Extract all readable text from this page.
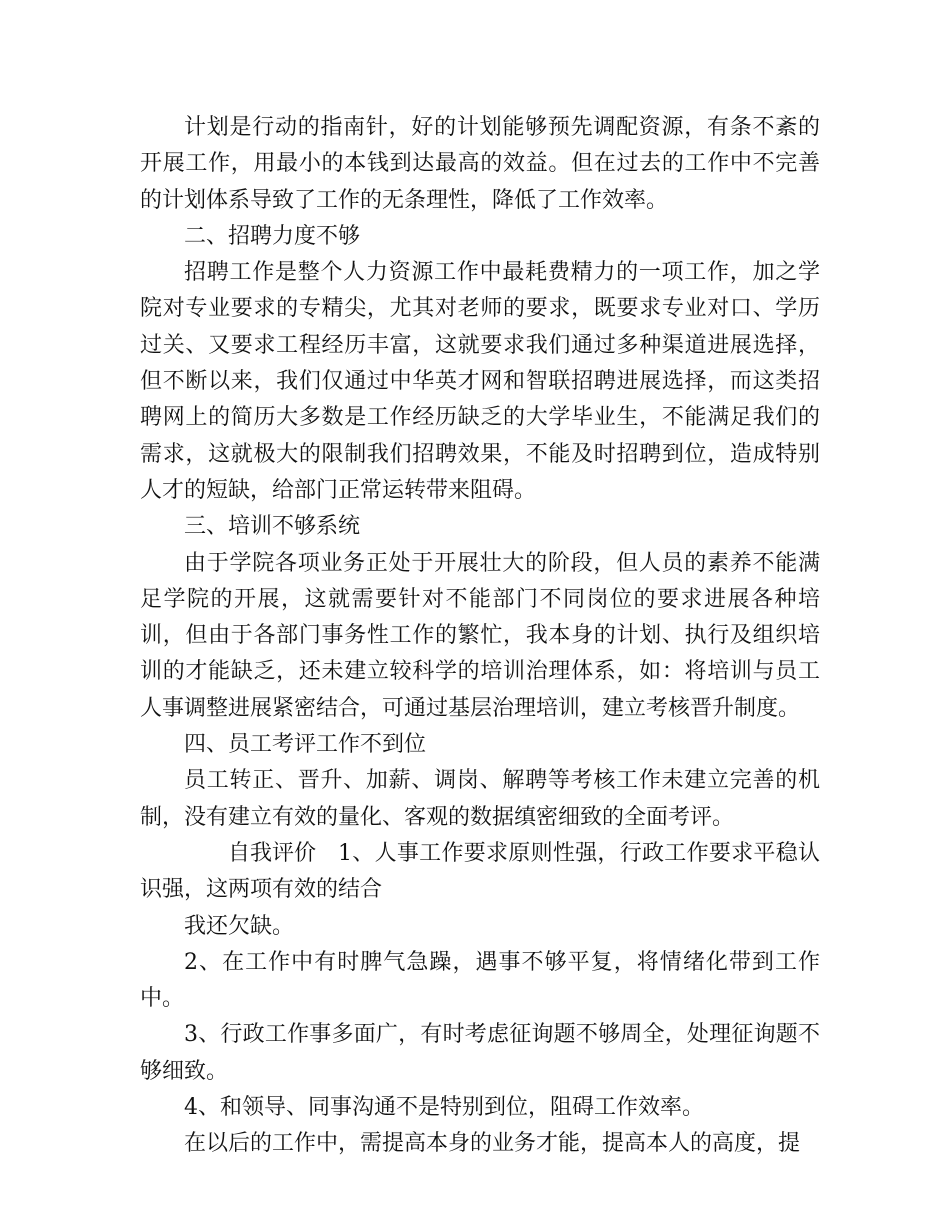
计划是行动的指南针，好的计划能够预先调配资源，有条不紊的开展工作，用最小的本钱到达最高的效益。但在过去的工作中不完善的计划体系导致了工作的无条理性，降低了工作效率。

二、招聘力度不够

招聘工作是整个人力资源工作中最耗费精力的一项工作，加之学院对专业要求的专精尖，尤其对老师的要求，既要求专业对口、学历过关、又要求工程经历丰富，这就要求我们通过多种渠道进展选择，但不断以来，我们仅通过中华英才网和智联招聘进展选择，而这类招聘网上的简历大多数是工作经历缺乏的大学毕业生，不能满足我们的需求，这就极大的限制我们招聘效果，不能及时招聘到位，造成特别人才的短缺，给部门正常运转带来阻碍。

三、培训不够系统

由于学院各项业务正处于开展壮大的阶段，但人员的素养不能满足学院的开展，这就需要针对不能部门不同岗位的要求进展各种培训，但由于各部门事务性工作的繁忙，我本身的计划、执行及组织培训的才能缺乏，还未建立较科学的培训治理体系，如：将培训与员工人事调整进展紧密结合，可通过基层治理培训，建立考核晋升制度。

四、员工考评工作不到位

员工转正、晋升、加薪、调岗、解聘等考核工作未建立完善的机制，没有建立有效的量化、客观的数据缜密细致的全面考评。

自我评价 1、人事工作要求原则性强，行政工作要求平稳认识强，这两项有效的结合

我还欠缺。

2、在工作中有时脾气急躁，遇事不够平复，将情绪化带到工作中。

3、行政工作事多面广，有时考虑征询题不够周全，处理征询题不够细致。

4、和领导、同事沟通不是特别到位，阻碍工作效率。

在以后的工作中，需提高本身的业务才能，提高本人的高度，提
